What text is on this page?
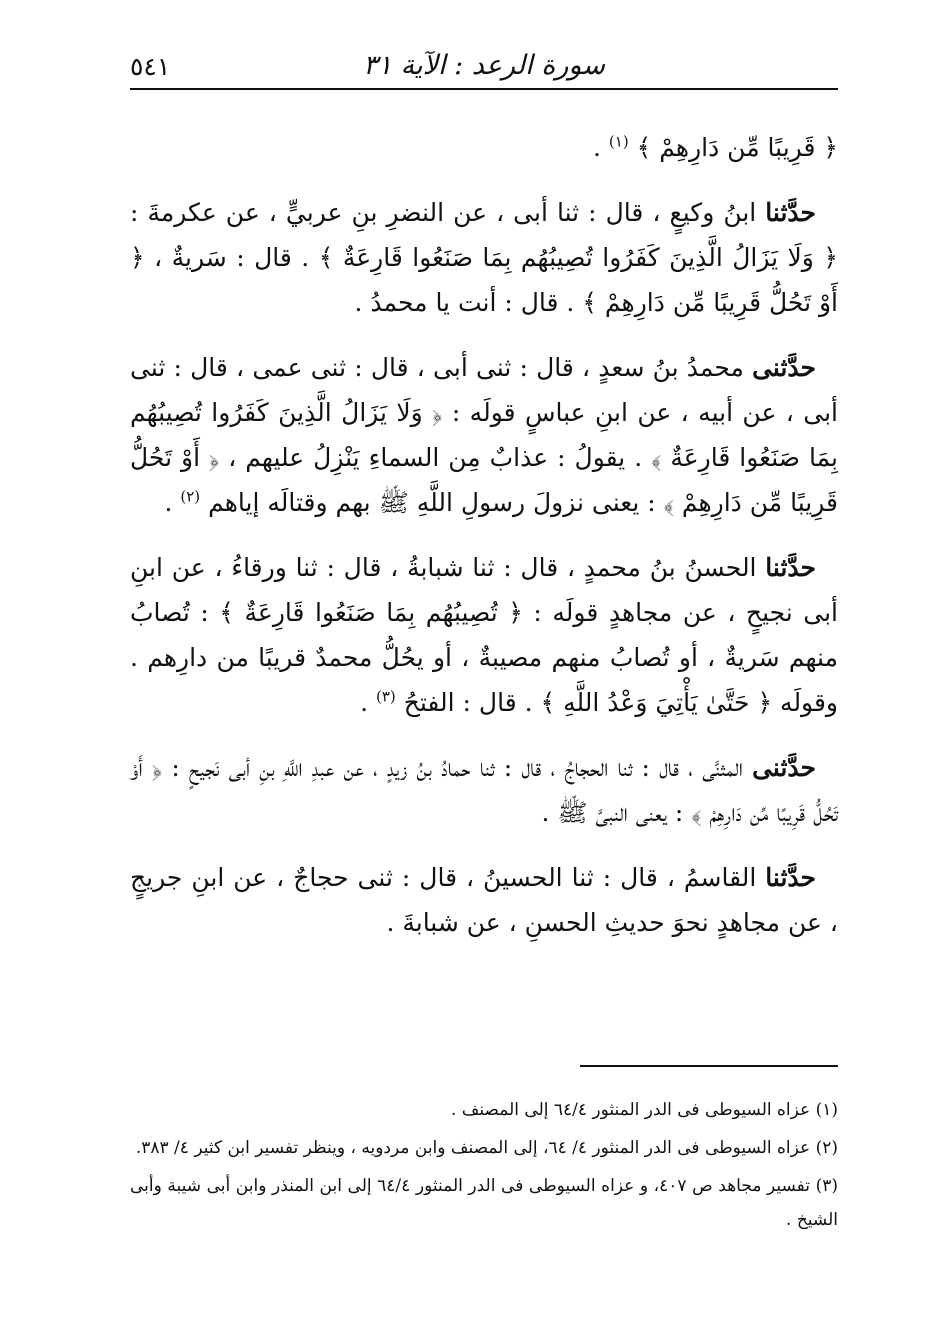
٥٤١	سورة الرعد : الآية ٣١

﴿ قَرِيبًا مِّن دَارِهِمْ ﴾ $^{(١)}$ .

حدَّثنا ابنُ وكيعٍ ، قال : ثنا أبى ، عن النضرِ بنِ عربيٍّ ، عن عكرمةَ : ﴿ وَلَا يَزَالُ الَّذِينَ كَفَرُوا تُصِيبُهُم بِمَا صَنَعُوا قَارِعَةٌ ﴾ . قال : سَريةٌ ، ﴿ أَوْ تَحُلُّ قَرِيبًا مِّن دَارِهِمْ ﴾ . قال : أنت يا محمدُ .

حدَّثنى محمدُ بنُ سعدٍ ، قال : ثنى أبى ، قال : ثنى عمى ، قال : ثنى أبى ، عن أبيه ، عن ابنِ عباسٍ قولَه : ﴿ وَلَا يَزَالُ الَّذِينَ كَفَرُوا تُصِيبُهُم بِمَا صَنَعُوا قَارِعَةٌ ﴾ . يقولُ : عذابٌ مِن السماءِ يَنْزِلُ عليهم ، ﴿ أَوْ تَحُلُّ قَرِيبًا مِّن دَارِهِمْ ﴾ : يعنى نزولَ رسولِ اللَّهِ ﷺ بهم وقتالَه إياهم $^{(٢)}$ .

حدَّثنا الحسنُ بنُ محمدٍ ، قال : ثنا شبابةُ ، قال : ثنا ورقاءُ ، عن ابنِ أبى نجيحٍ ، عن مجاهدٍ قولَه : ﴿ تُصِيبُهُم بِمَا صَنَعُوا قَارِعَةٌ ﴾ : تُصابُ منهم سَريةٌ ، أو تُصابُ منهم مصيبةٌ ، أو يحُلُّ محمدٌ قريبًا من دارِهم . وقولَه ﴿ حَتَّىٰ يَأْتِيَ وَعْدُ اللَّهِ ﴾ . قال : الفتحُ $^{(٣)}$ .

حدَّثنى المثنَّى ، قال : ثنا الحجاجُ ، قال : ثنا حمادُ بنُ زيدٍ ، عن عبدِ اللَّهِ بنِ أبى نَجيحٍ : ﴿ أَوْ تَحُلُّ قَرِيبًا مِّن دَارِهِمْ ﴾ : يعنى النبىَّ ﷺ .

حدَّثنا القاسمُ ، قال : ثنا الحسينُ ، قال : ثنى حجاجٌ ، عن ابنِ جريجٍ ، عن مجاهدٍ نحوَ حديثِ الحسنِ ، عن شبابةَ .

(١) عزاه السيوطى فى الدر المنثور ٦٤/٤ إلى المصنف .

(٢) عزاه السيوطى فى الدر المنثور ٤/ ٦٤، إلى المصنف وابن مردويه ، وينظر تفسير ابن كثير ٤/ ٣٨٣.

(٣) تفسير مجاهد ص ٤٠٧، و عزاه السيوطى فى الدر المنثور ٦٤/٤ إلى ابن المنذر وابن أبى شيبة وأبى الشيخ .
